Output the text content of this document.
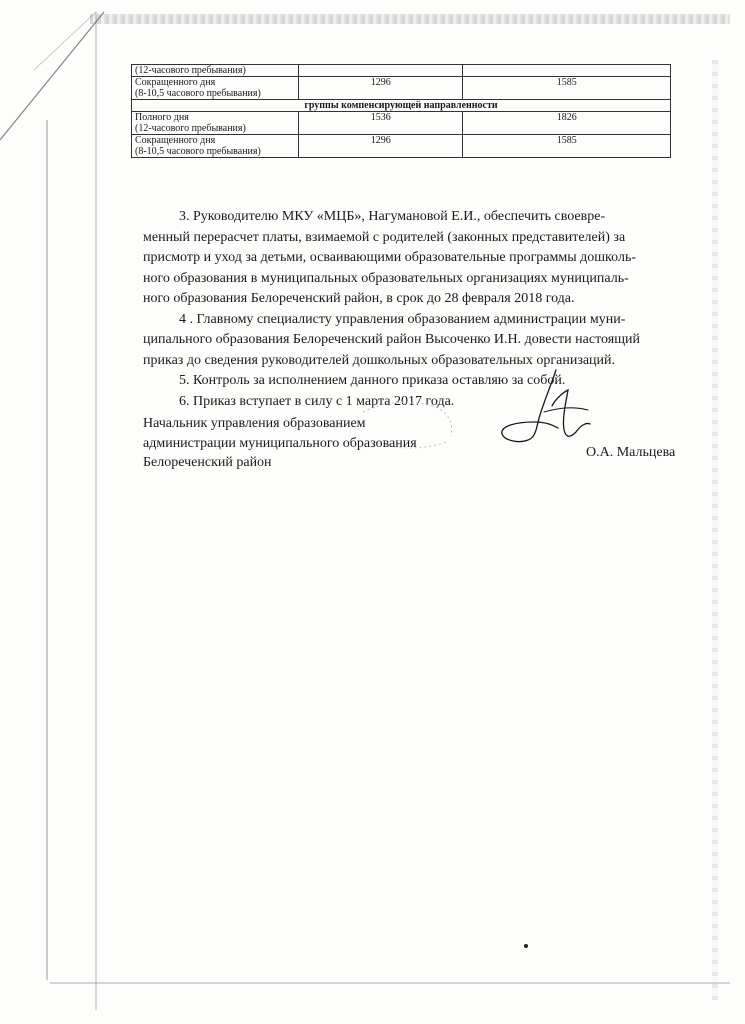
(12-часового пребывания)		

Сокращенного дня
(8-10,5 часового пребывания)	1296	1585
группы компенсирующей направленности		

Полного дня
(12-часового пребывания)	1536	1826

Сокращенного дня
(8-10,5 часового пребывания)	1296	1585
3. Руководителю МКУ «МЦБ», Нагумановой Е.И., обеспечить своевре-
менный перерасчет платы, взимаемой с родителей (законных представителей) за
присмотр и уход за детьми, осваивающими образовательные программы дошколь-
ного образования в муниципальных образовательных организациях муниципаль-
ного образования Белореченский район, в срок до 28 февраля 2018 года.
4 . Главному специалисту управления образованием администрации муни-
ципального образования Белореченский район Высоченко И.Н. довести настоящий
приказ до сведения руководителей дошкольных образовательных организаций.
5. Контроль за исполнением данного приказа оставляю за собой.
6. Приказ вступает в силу с 1 марта 2017 года.
Начальник управления образованием
администрации муниципального образования
Белореченский район
О.А. Мальцева
